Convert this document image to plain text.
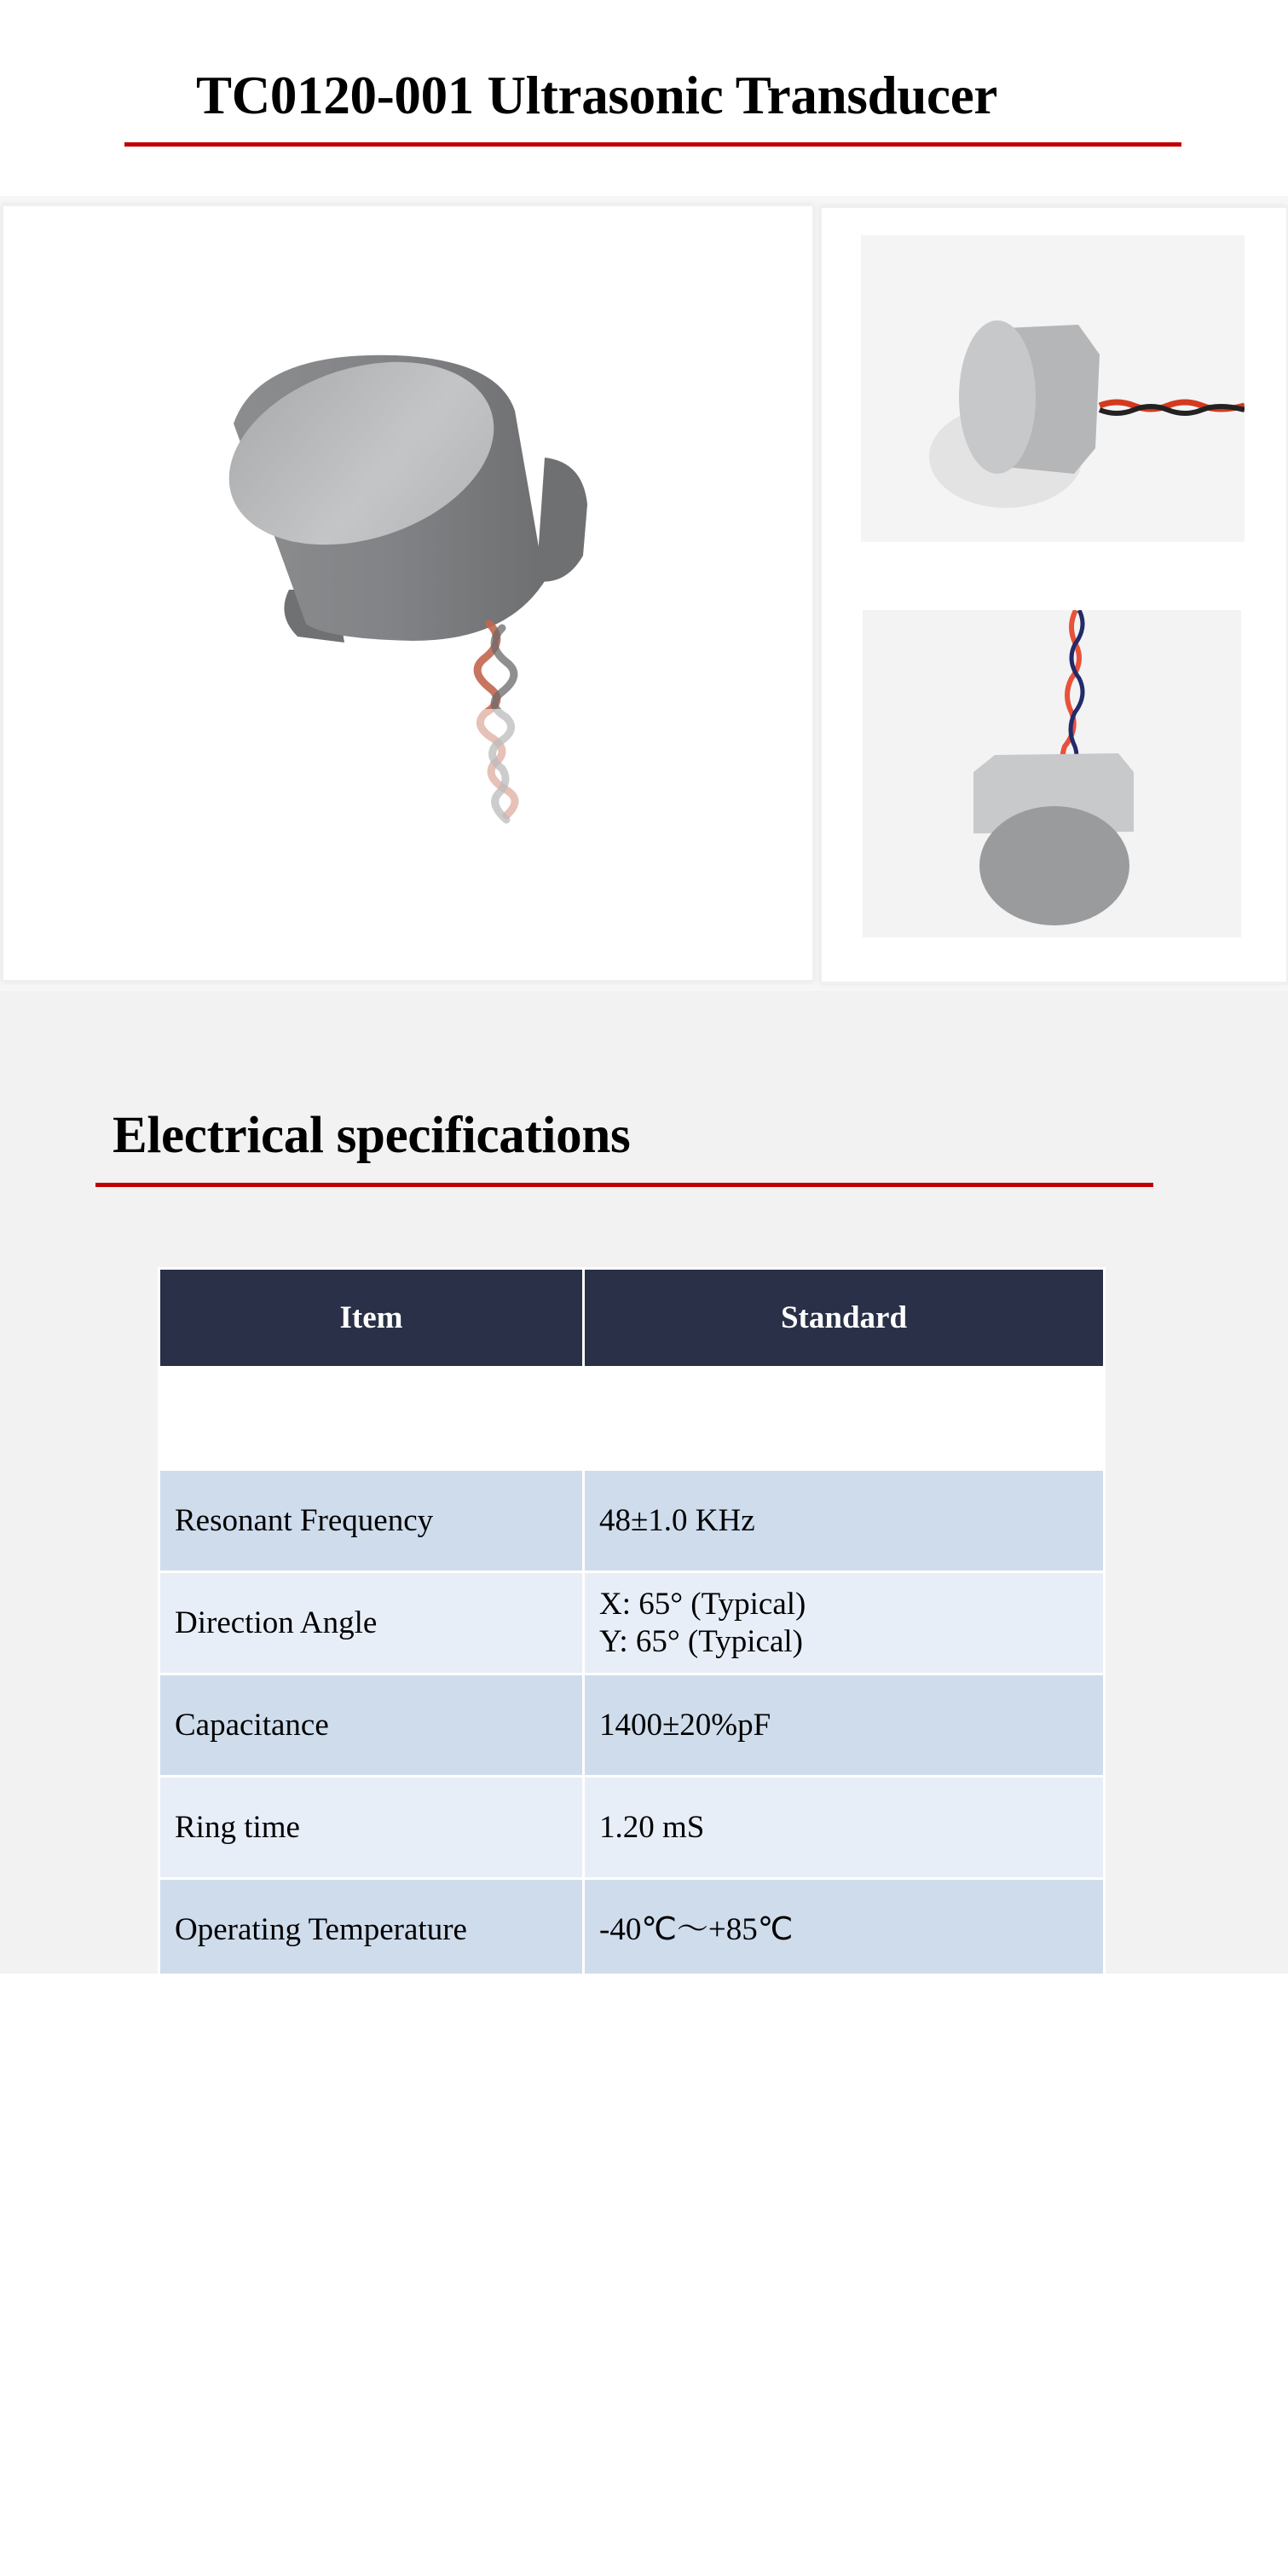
TC0120-001 Ultrasonic Transducer
Electrical specifications
Item	Standard

Resonant Frequency	48±1.0 KHz

Direction Angle	X: 65° (Typical)
Y: 65° (Typical)

Capacitance	1400±20%pF

Ring time	1.20 mS

Operating Temperature	-40℃～+85℃
